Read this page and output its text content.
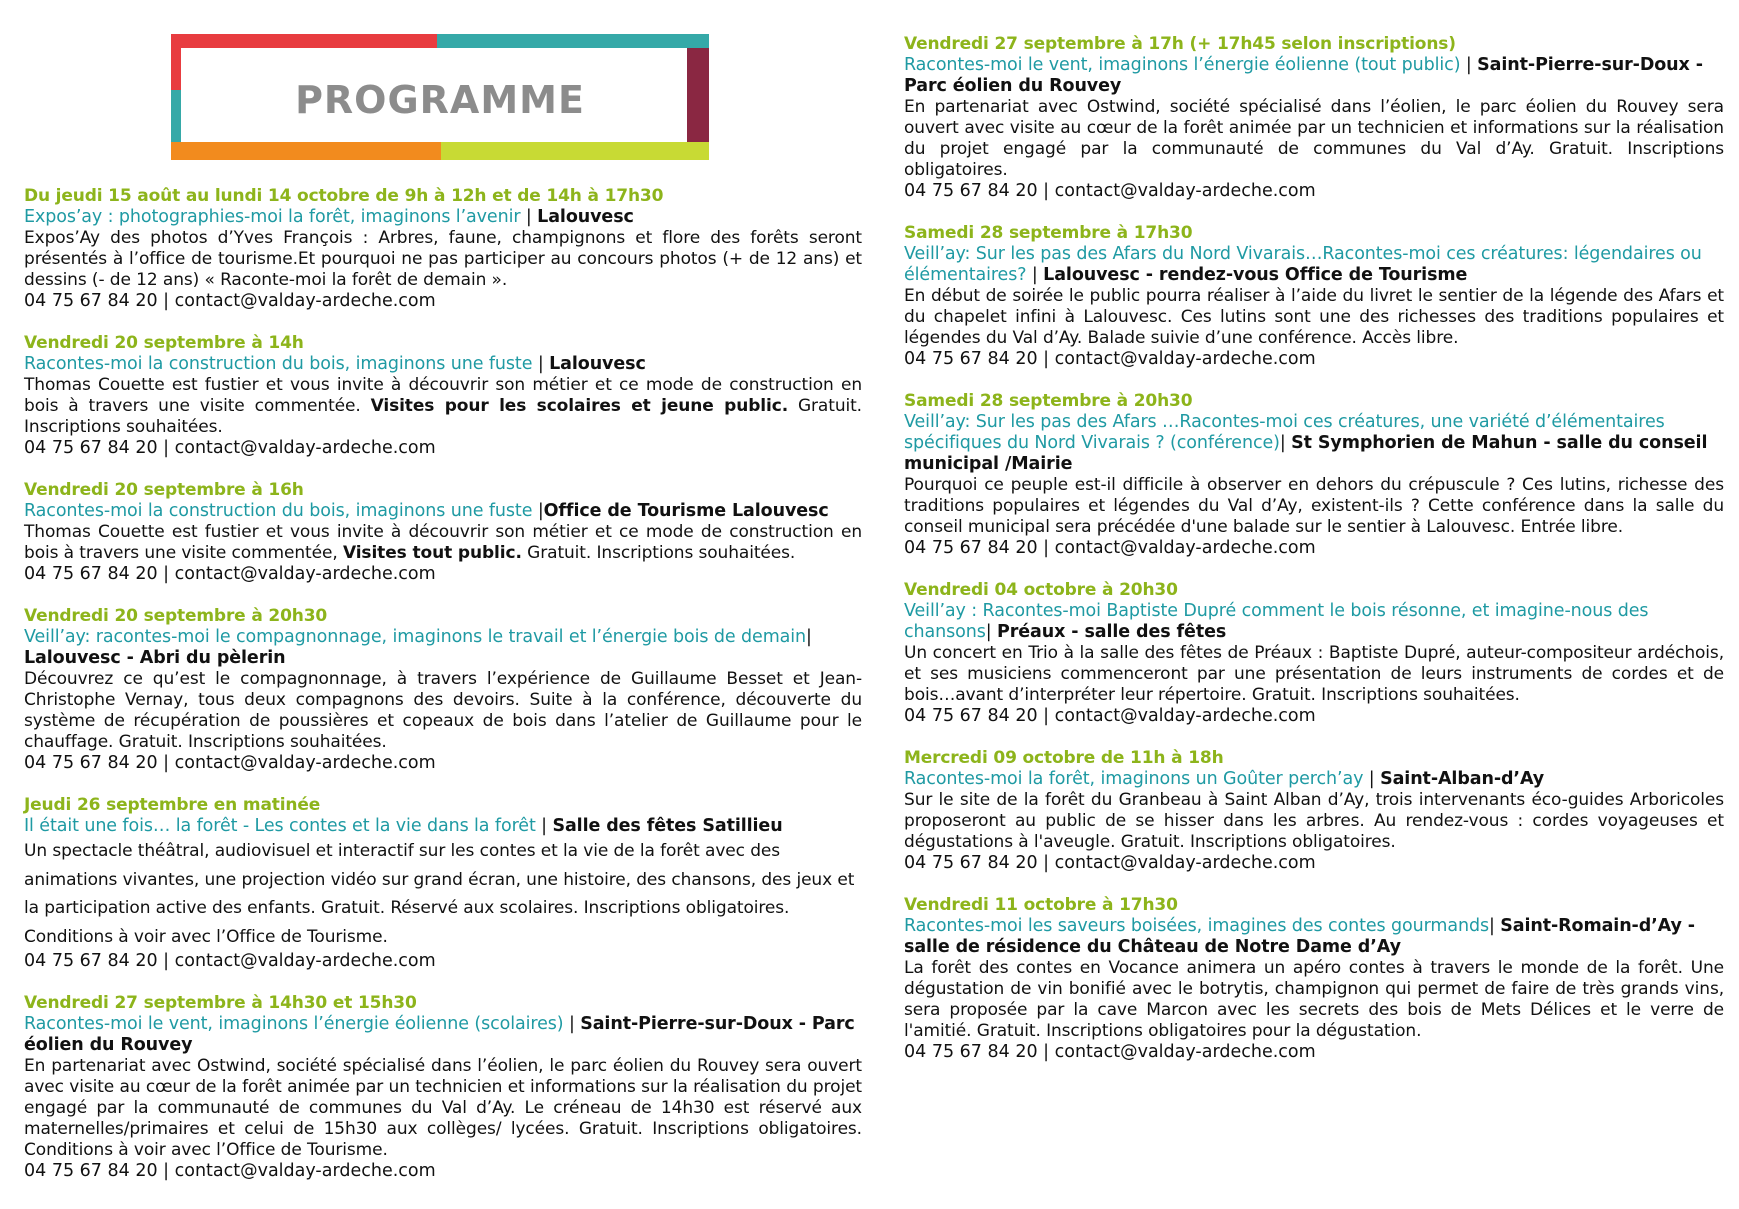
PROGRAMME
Du jeudi 15 août au lundi 14 octobre de 9h à 12h et de 14h à 17h30
Expos’ay : photographies-moi la forêt, imaginons l’avenir | Lalouvesc
Expos’Ay des photos d’Yves François : Arbres, faune, champignons et flore des forêts seront présentés à l’office de tourisme.Et pourquoi ne pas participer au concours photos (+ de 12 ans) et dessins (- de 12 ans) « Raconte-moi la forêt de demain ».
04 75 67 84 20 | contact@valday-ardeche.com
Vendredi 20 septembre à 14h
Racontes-moi la construction du bois, imaginons une fuste | Lalouvesc
Thomas Couette est fustier et vous invite à découvrir son métier et ce mode de construction en bois à travers une visite commentée. Visites pour les scolaires et jeune public. Gratuit. Inscriptions souhaitées.
04 75 67 84 20 | contact@valday-ardeche.com
Vendredi 20 septembre à 16h
Racontes-moi la construction du bois, imaginons une fuste |Office de Tourisme Lalouvesc
Thomas Couette est fustier et vous invite à découvrir son métier et ce mode de construction en bois à travers une visite commentée, Visites tout public. Gratuit. Inscriptions souhaitées.
04 75 67 84 20 | contact@valday-ardeche.com
Vendredi 20 septembre à 20h30
Veill’ay: racontes-moi le compagnonnage, imaginons le travail et l’énergie bois de demain| Lalouvesc - Abri du pèlerin
Découvrez ce qu’est le compagnonnage, à travers l’expérience de Guillaume Besset et Jean-Christophe Vernay, tous deux compagnons des devoirs. Suite à la conférence, découverte du système de récupération de poussières et copeaux de bois dans l’atelier de Guillaume pour le chauffage. Gratuit. Inscriptions souhaitées.
04 75 67 84 20 | contact@valday-ardeche.com
Jeudi 26 septembre en matinée
Il était une fois… la forêt - Les contes et la vie dans la forêt | Salle des fêtes Satillieu
Un spectacle théâtral, audiovisuel et interactif sur les contes et la vie de la forêt avec des animations vivantes, une projection vidéo sur grand écran, une histoire, des chansons, des jeux et la participation active des enfants. Gratuit. Réservé aux scolaires. Inscriptions obligatoires. Conditions à voir avec l’Office de Tourisme.
04 75 67 84 20 | contact@valday-ardeche.com
Vendredi 27 septembre à 14h30 et 15h30
Racontes-moi le vent, imaginons l’énergie éolienne (scolaires) | Saint-Pierre-sur-Doux - Parc éolien du Rouvey
En partenariat avec Ostwind, société spécialisé dans l’éolien, le parc éolien du Rouvey sera ouvert avec visite au cœur de la forêt animée par un technicien et informations sur la réalisation du projet engagé par la communauté de communes du Val d’Ay. Le créneau de 14h30 est réservé aux maternelles/primaires et celui de 15h30 aux collèges/ lycées. Gratuit. Inscriptions obligatoires. Conditions à voir avec l’Office de Tourisme.
04 75 67 84 20 | contact@valday-ardeche.com
Vendredi 27 septembre à 17h (+ 17h45 selon inscriptions)
Racontes-moi le vent, imaginons l’énergie éolienne (tout public) | Saint-Pierre-sur-Doux - Parc éolien du Rouvey
En partenariat avec Ostwind, société spécialisé dans l’éolien, le parc éolien du Rouvey sera ouvert avec visite au cœur de la forêt animée par un technicien et informations sur la réalisation du projet engagé par la communauté de communes du Val d’Ay. Gratuit. Inscriptions obligatoires.
04 75 67 84 20 | contact@valday-ardeche.com
Samedi 28 septembre à 17h30
Veill’ay: Sur les pas des Afars du Nord Vivarais…Racontes-moi ces créatures: légendaires ou élémentaires? | Lalouvesc - rendez-vous Office de Tourisme
En début de soirée le public pourra réaliser à l’aide du livret le sentier de la légende des Afars et du chapelet infini à Lalouvesc. Ces lutins sont une des richesses des traditions populaires et légendes du Val d’Ay. Balade suivie d’une conférence. Accès libre.
04 75 67 84 20 | contact@valday-ardeche.com
Samedi 28 septembre à 20h30
Veill’ay: Sur les pas des Afars …Racontes-moi ces créatures, une variété d’élémentaires spécifiques du Nord Vivarais ? (conférence)| St Symphorien de Mahun - salle du conseil municipal /Mairie
Pourquoi ce peuple est-il difficile à observer en dehors du crépuscule ? Ces lutins, richesse des traditions populaires et légendes du Val d’Ay, existent-ils ? Cette conférence dans la salle du conseil municipal sera précédée d'une balade sur le sentier à Lalouvesc. Entrée libre.
04 75 67 84 20 | contact@valday-ardeche.com
Vendredi 04 octobre à 20h30
Veill’ay : Racontes-moi Baptiste Dupré comment le bois résonne, et imagine-nous des chansons| Préaux - salle des fêtes
Un concert en Trio à la salle des fêtes de Préaux : Baptiste Dupré, auteur-compositeur ardéchois, et ses musiciens commenceront par une présentation de leurs instruments de cordes et de bois…avant d’interpréter leur répertoire. Gratuit. Inscriptions souhaitées.
04 75 67 84 20 | contact@valday-ardeche.com
Mercredi 09 octobre de 11h à 18h
Racontes-moi la forêt, imaginons un Goûter perch’ay | Saint-Alban-d’Ay
Sur le site de la forêt du Granbeau à Saint Alban d’Ay, trois intervenants éco-guides Arboricoles proposeront au public de se hisser dans les arbres. Au rendez-vous : cordes voyageuses et dégustations à l'aveugle. Gratuit. Inscriptions obligatoires.
04 75 67 84 20 | contact@valday-ardeche.com
Vendredi 11 octobre à 17h30
Racontes-moi les saveurs boisées, imagines des contes gourmands| Saint-Romain-d’Ay - salle de résidence du Château de Notre Dame d’Ay
La forêt des contes en Vocance animera un apéro contes à travers le monde de la forêt. Une dégustation de vin bonifié avec le botrytis, champignon qui permet de faire de très grands vins, sera proposée par la cave Marcon avec les secrets des bois de Mets Délices et le verre de l'amitié. Gratuit. Inscriptions obligatoires pour la dégustation.
04 75 67 84 20 | contact@valday-ardeche.com
